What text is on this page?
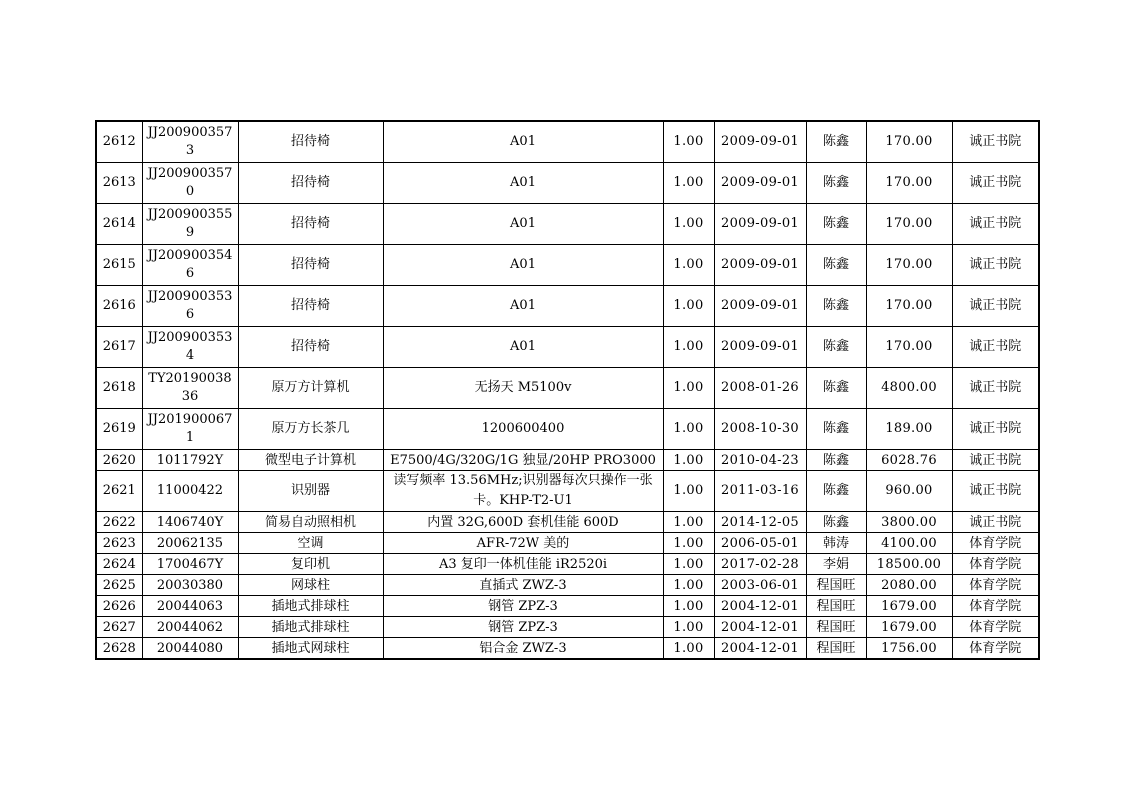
2612	JJ2009003573	招待椅	A01	1.00	2009-09-01	陈鑫	170.00	诚正书院
2613	JJ2009003570	招待椅	A01	1.00	2009-09-01	陈鑫	170.00	诚正书院
2614	JJ2009003559	招待椅	A01	1.00	2009-09-01	陈鑫	170.00	诚正书院
2615	JJ2009003546	招待椅	A01	1.00	2009-09-01	陈鑫	170.00	诚正书院
2616	JJ2009003536	招待椅	A01	1.00	2009-09-01	陈鑫	170.00	诚正书院
2617	JJ2009003534	招待椅	A01	1.00	2009-09-01	陈鑫	170.00	诚正书院
2618	TY2019003836	原万方计算机	无扬天 M5100v	1.00	2008-01-26	陈鑫	4800.00	诚正书院
2619	JJ2019000671	原万方长茶几	1200600400	1.00	2008-10-30	陈鑫	189.00	诚正书院
2620	1011792Y	微型电子计算机	E7500/4G/320G/1G 独显/20HP PRO3000	1.00	2010-04-23	陈鑫	6028.76	诚正书院
2621	11000422	识别器	读写频率 13.56MHz;识别器每次只操作一张卡。KHP-T2-U1	1.00	2011-03-16	陈鑫	960.00	诚正书院
2622	1406740Y	简易自动照相机	内置 32G,600D 套机佳能 600D	1.00	2014-12-05	陈鑫	3800.00	诚正书院
2623	20062135	空调	AFR-72W 美的	1.00	2006-05-01	韩涛	4100.00	体育学院
2624	1700467Y	复印机	A3 复印一体机佳能 iR2520i	1.00	2017-02-28	李娟	18500.00	体育学院
2625	20030380	网球柱	直插式 ZWZ-3	1.00	2003-06-01	程国旺	2080.00	体育学院
2626	20044063	插地式排球柱	钢管 ZPZ-3	1.00	2004-12-01	程国旺	1679.00	体育学院
2627	20044062	插地式排球柱	钢管 ZPZ-3	1.00	2004-12-01	程国旺	1679.00	体育学院
2628	20044080	插地式网球柱	铝合金 ZWZ-3	1.00	2004-12-01	程国旺	1756.00	体育学院
